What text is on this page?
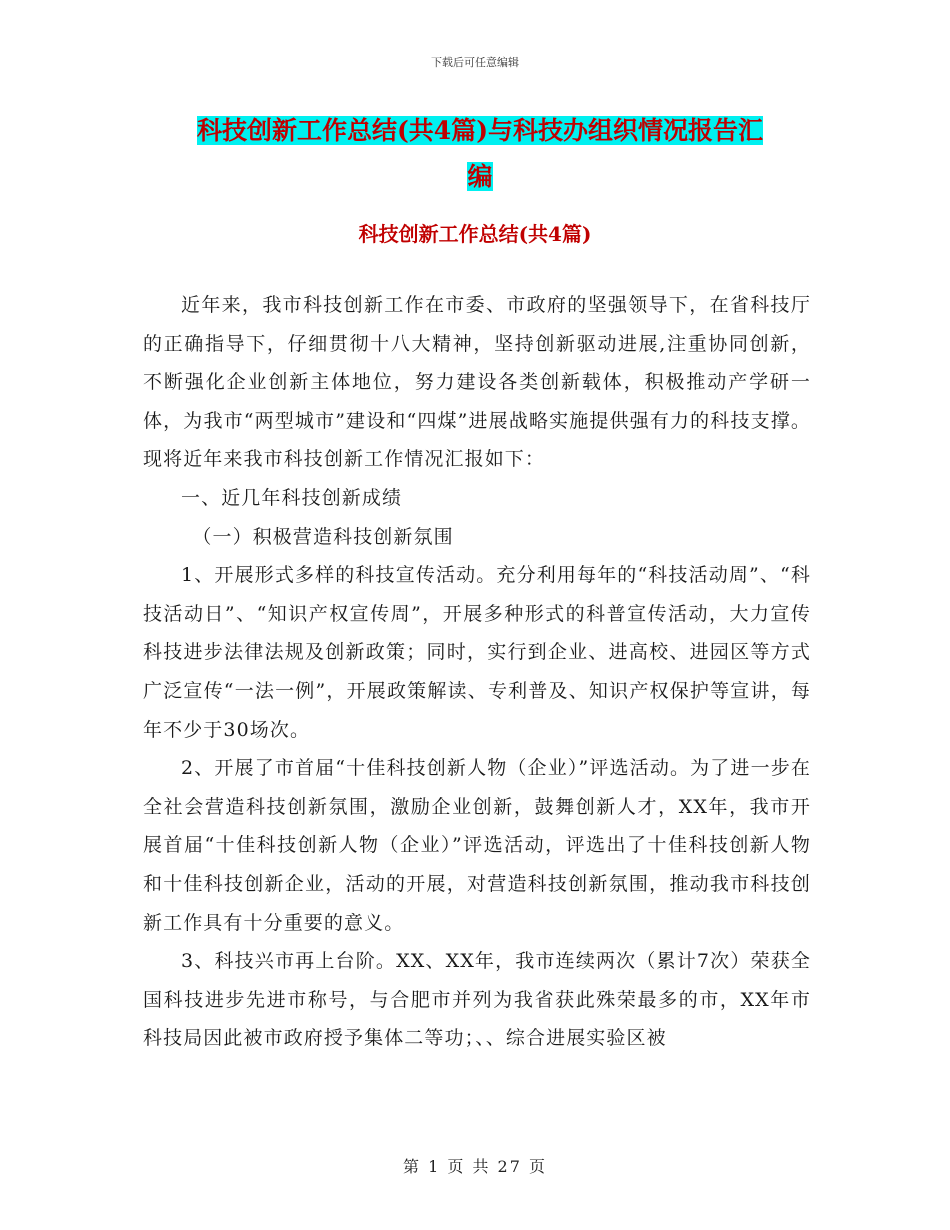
下载后可任意编辑
科技创新工作总结(共4篇)与科技办组织情况报告汇
编
科技创新工作总结(共4篇)

近年来，我市科技创新工作在市委、市政府的坚强领导下，在省科技厅的正确指导下，仔细贯彻十八大精神，坚持创新驱动进展,注重协同创新，不断强化企业创新主体地位，努力建设各类创新载体，积极推动产学研一体，为我市“两型城市”建设和“四煤”进展战略实施提供强有力的科技支撑。现将近年来我市科技创新工作情况汇报如下：

一、近几年科技创新成绩

（一）积极营造科技创新氛围

1、开展形式多样的科技宣传活动。充分利用每年的“科技活动周”、“科技活动日”、“知识产权宣传周”，开展多种形式的科普宣传活动，大力宣传科技进步法律法规及创新政策；同时，实行到企业、进高校、进园区等方式广泛宣传“一法一例”，开展政策解读、专利普及、知识产权保护等宣讲，每年不少于30场次。

2、开展了市首届“十佳科技创新人物（企业）”评选活动。为了进一步在全社会营造科技创新氛围，激励企业创新，鼓舞创新人才，XX年，我市开展首届“十佳科技创新人物（企业）”评选活动，评选出了十佳科技创新人物和十佳科技创新企业，活动的开展，对营造科技创新氛围，推动我市科技创新工作具有十分重要的意义。

3、科技兴市再上台阶。XX、XX年，我市连续两次（累计7次）荣获全国科技进步先进市称号，与合肥市并列为我省获此殊荣最多的市，XX年市科技局因此被市政府授予集体二等功；、、综合进展实验区被

第 1 页 共 27 页
